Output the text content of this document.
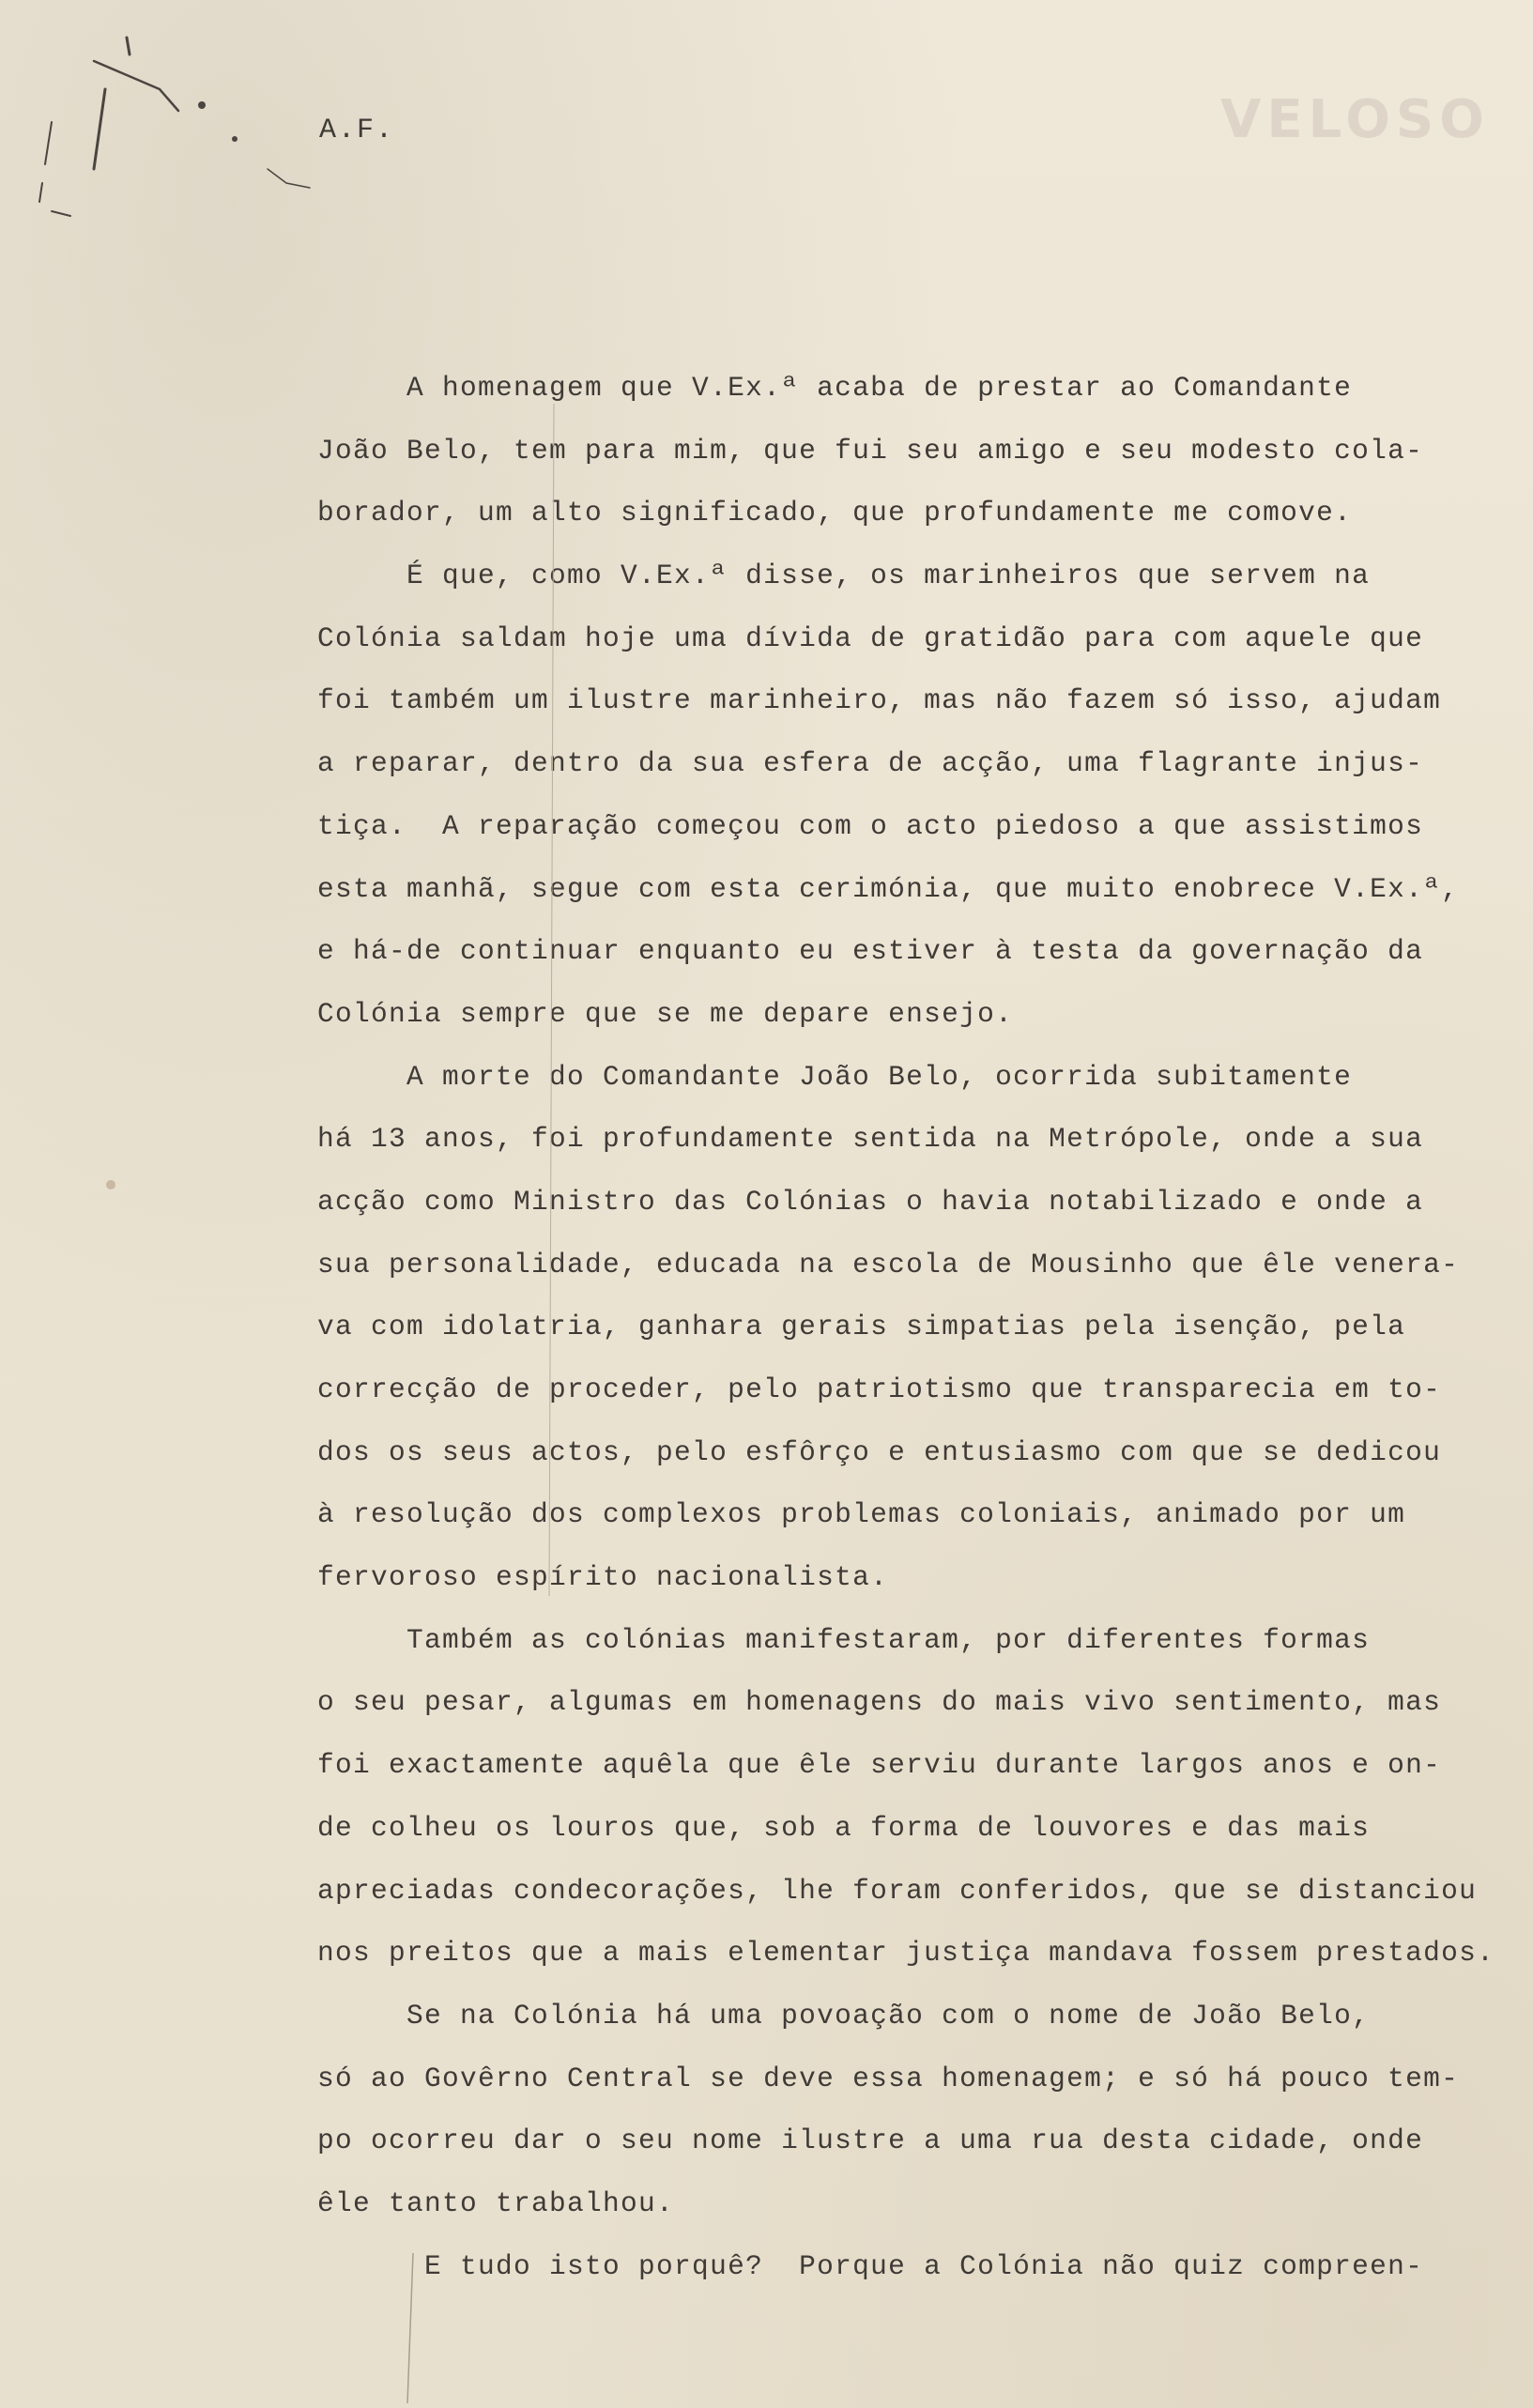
VELOSO
A.F.
A homenagem que V.Ex.ª acaba de prestar ao Comandante
João Belo, tem para mim, que fui seu amigo e seu modesto cola-
borador, um alto significado, que profundamente me comove.
É que, como V.Ex.ª disse, os marinheiros que servem na
Colónia saldam hoje uma dívida de gratidão para com aquele que
foi também um ilustre marinheiro, mas não fazem só isso, ajudam
a reparar, dentro da sua esfera de acção, uma flagrante injus-
tiça.  A reparação começou com o acto piedoso a que assistimos
esta manhã, segue com esta cerimónia, que muito enobrece V.Ex.ª,
e há-de continuar enquanto eu estiver à testa da governação da
Colónia sempre que se me depare ensejo.
A morte do Comandante João Belo, ocorrida subitamente
há 13 anos, foi profundamente sentida na Metrópole, onde a sua
acção como Ministro das Colónias o havia notabilizado e onde a
sua personalidade, educada na escola de Mousinho que êle venera-
va com idolatria, ganhara gerais simpatias pela isenção, pela
correcção de proceder, pelo patriotismo que transparecia em to-
dos os seus actos, pelo esfôrço e entusiasmo com que se dedicou
à resolução dos complexos problemas coloniais, animado por um
fervoroso espírito nacionalista.
Também as colónias manifestaram, por diferentes formas
o seu pesar, algumas em homenagens do mais vivo sentimento, mas
foi exactamente aquêla que êle serviu durante largos anos e on-
de colheu os louros que, sob a forma de louvores e das mais
apreciadas condecorações, lhe foram conferidos, que se distanciou
nos preitos que a mais elementar justiça mandava fossem prestados.
Se na Colónia há uma povoação com o nome de João Belo,
só ao Govêrno Central se deve essa homenagem; e só há pouco tem-
po ocorreu dar o seu nome ilustre a uma rua desta cidade, onde
êle tanto trabalhou.
E tudo isto porquê?  Porque a Colónia não quiz compreen-
